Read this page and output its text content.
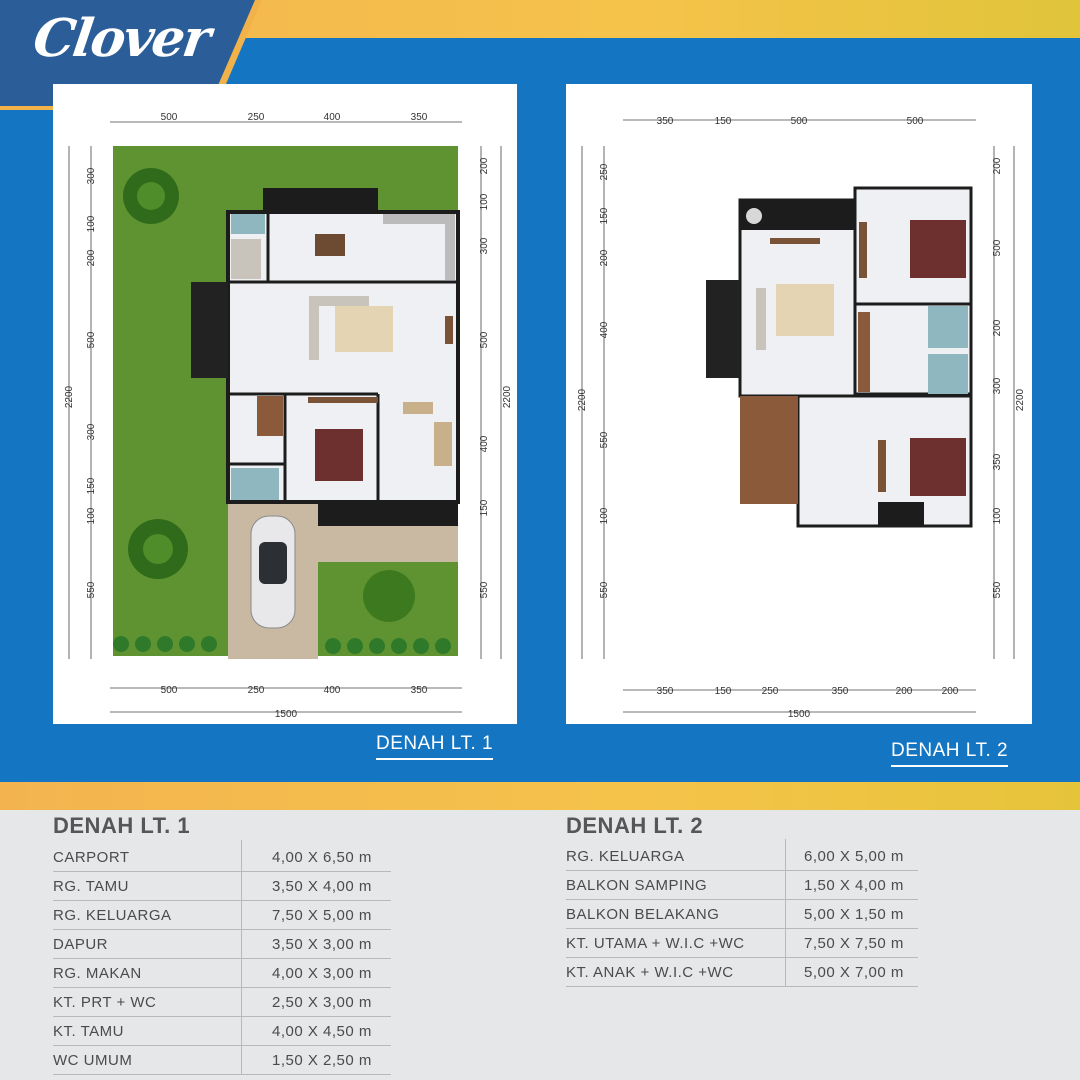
Clover
500	250	400	350
500	250	400	350
1500
300
100
200
500
300
150
100
550
2200
200
100
300
500
400
150
550
2200
DENAH LT. 1
350	150	500	500
350	150	250	350	200	200
1500
250
150
200
400
550
100
550
2200
200
500
200
300
350
100
550
2200
DENAH LT. 2
DENAH LT. 1
CARPORT	4,00 X 6,50 m
RG. TAMU	3,50 X 4,00 m
RG. KELUARGA	7,50 X 5,00 m
DAPUR	3,50 X 3,00 m
RG. MAKAN	4,00 X 3,00 m
KT. PRT + WC	2,50 X 3,00 m
KT. TAMU	4,00 X 4,50 m
WC UMUM	1,50 X 2,50 m
DENAH LT. 2
RG. KELUARGA	6,00 X 5,00 m
BALKON SAMPING	1,50 X 4,00 m
BALKON BELAKANG	5,00 X 1,50 m
KT. UTAMA + W.I.C +WC	7,50 X 7,50 m
KT. ANAK + W.I.C +WC	5,00 X 7,00 m
